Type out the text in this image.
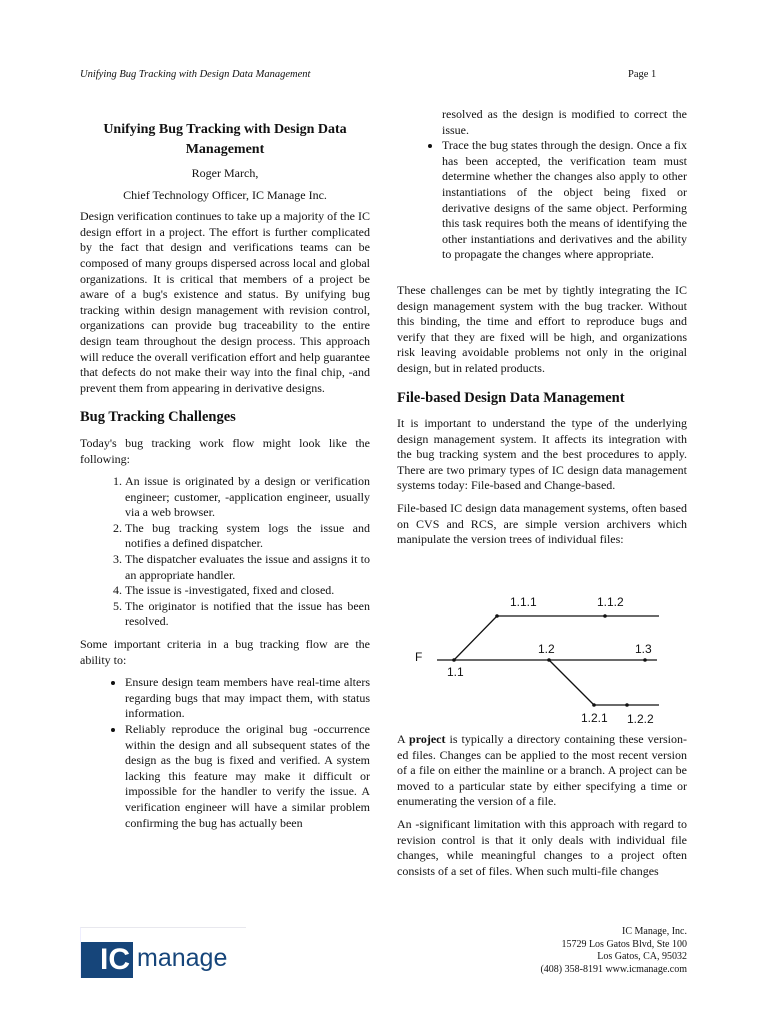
Unifying Bug Tracking with Design Data Management	Page 1
Unifying Bug Tracking with Design Data Management
Roger March,
Chief Technology Officer, IC Manage Inc.

Design verification continues to take up a majority of the IC design effort in a project. The effort is further complicated by the fact that design and verifications teams can be composed of many groups dispersed across local and global organizations. It is critical that members of a project be aware of a bug's existence and status. By unifying bug tracking within design management with revision control, organizations can provide bug traceability to the entire design team throughout the design process. This approach will reduce the overall verification effort and help guarantee that defects do not make their way into the final chip, -and prevent them from appearing in derivative designs.

Bug Tracking Challenges

Today's bug tracking work flow might look like the following:

1. An issue is originated by a design or verification engineer; customer, -application engineer, usually via a web browser.
2. The bug tracking system logs the issue and notifies a defined dispatcher.
3. The dispatcher evaluates the issue and assigns it to an appropriate handler.
4. The issue is -investigated, fixed and closed.
5. The originator is notified that the issue has been resolved.

Some important criteria in a bug tracking flow are the ability to:

• Ensure design team members have real-time alters regarding bugs that may impact them, with status information.
• Reliably reproduce the original bug -occurrence within the design and all subsequent states of the design as the bug is fixed and verified. A system lacking this feature may make it difficult or impossible for the handler to verify the issue. A verification engineer will have a similar problem confirming the bug has actually been

resolved as the design is modified to correct the issue.

• Trace the bug states through the design. Once a fix has been accepted, the verification team must determine whether the changes also apply to other instantiations of the object being fixed or derivative designs of the same object. Performing this task requires both the means of identifying the other instantiations and derivatives and the ability to propagate the changes where appropriate.

These challenges can be met by tightly integrating the IC design management system with the bug tracker. Without this binding, the time and effort to reproduce bugs and verify that they are fixed will be high, and organizations risk leaving avoidable problems not only in the original design, but in related products.

File-based Design Data Management

It is important to understand the type of the underlying design management system. It affects its integration with the bug tracking system and the best procedures to apply. There are two primary types of IC design data management systems today: File-based and Change-based.

File-based IC design data management systems, often based on CVS and RCS, are simple version archivers which manipulate the version trees of individual files:

F
1.1
1.2	1.3
1.1.1	1.1.2
1.2.1 1.2.2

A project is typically a directory containing these version-ed files. Changes can be applied to the most recent version of a file on either the mainline or a branch. A project can be moved to a particular state by either specifying a time or enumerating the version of a file.

An -significant limitation with this approach with regard to revision control is that it only deals with individual file changes, while meaningful changes to a project often consists of a set of files. When such multi-file changes

IC manage
IC Manage, Inc.
15729 Los Gatos Blvd, Ste 100
Los Gatos, CA, 95032
(408) 358-8191 www.icmanage.com
